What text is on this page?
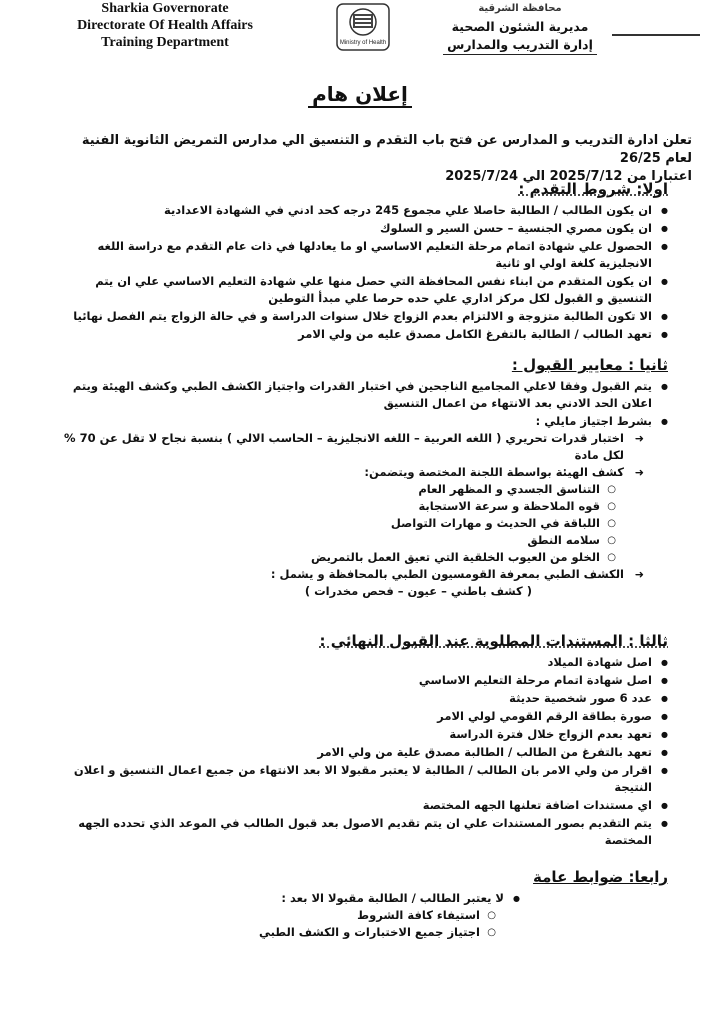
Sharkia Governorate
Directorate Of Health Affairs
Training Department	Ministry of Health
محافظة الشرقية
مديرية الشئون الصحية
إدارة التدريب والمدارس
إعلان هام
تعلن ادارة التدريب و المدارس عن فتح باب التقدم و التنسيق الي مدارس التمريض الثانوية الفنية لعام 26/25
اعتبارا من 2025/7/12 الي 2025/7/24
اولا: شروط التقدم :
● ان يكون الطالب / الطالبة حاصلا علي مجموع 245 درجه كحد ادني في الشهادة الاعدادية
● ان يكون مصري الجنسية – حسن السير و السلوك
● الحصول علي شهادة اتمام مرحلة التعليم الاساسي او ما يعادلها في ذات عام التقدم مع دراسة اللغه الانجليزية كلغة اولي او ثانية
● ان يكون المتقدم من ابناء نفس المحافظة التي حصل منها علي شهادة التعليم الاساسي علي ان يتم التنسيق و القبول لكل مركز اداري علي حده حرصا علي مبدأ التوطين
● الا تكون الطالبة متزوجة و الالتزام بعدم الزواج خلال سنوات الدراسة و في حالة الزواج يتم الفصل نهائيا
● تعهد الطالب / الطالبة بالتفرغ الكامل مصدق عليه من ولي الامر
ثانيا : معايير القبول :
● يتم القبول وفقا لاعلي المجاميع الناجحين في اختبار القدرات واجتياز الكشف الطبي وكشف الهيئة ويتم اعلان الحد الادني بعد الانتهاء من اعمال التنسيق
● بشرط اجتياز مايلي :
➜
اختبار قدرات تحريري ( اللغه العربية – اللغه الانجليزية – الحاسب الالي ) بنسبة نجاح لا تقل عن 70 % لكل مادة
➜
كشف الهيئة بواسطة اللجنة المختصة ويتضمن:
○ التناسق الجسدي و المظهر العام
○ قوه الملاحظة و سرعة الاستجابة
○ اللباقة في الحديث و مهارات التواصل
○ سلامه النطق
○ الخلو من العيوب الخلقية التي تعيق العمل بالتمريض
➜
الكشف الطبي بمعرفة القومسيون الطبي بالمحافظة و يشمل :
( كشف باطني – عيون – فحص مخدرات )
ثالثا : المستندات المطلوبة عند القبول النهائي :
● اصل شهادة الميلاد
● اصل شهادة اتمام مرحلة التعليم الاساسي
● عدد 6 صور شخصية حديثة
● صورة بطاقة الرقم القومي لولي الامر
● تعهد بعدم الزواج خلال فترة الدراسة
● تعهد بالتفرغ من الطالب / الطالبة مصدق علية من ولي الامر
● اقرار من ولي الامر بان الطالب / الطالبة لا يعتبر مقبولا الا بعد الانتهاء من جميع اعمال التنسيق و اعلان النتيجة
● اي مستندات اضافة تعلنها الجهه المختصة
● يتم التقديم بصور المستندات علي ان يتم تقديم الاصول بعد قبول الطالب في الموعد الذي تحدده الجهه المختصة
رابعا: ضوابط عامة
● لا يعتبر الطالب / الطالبة مقبولا الا بعد :
○ استيفاء كافة الشروط
○ اجتياز جميع الاختبارات و الكشف الطبي
